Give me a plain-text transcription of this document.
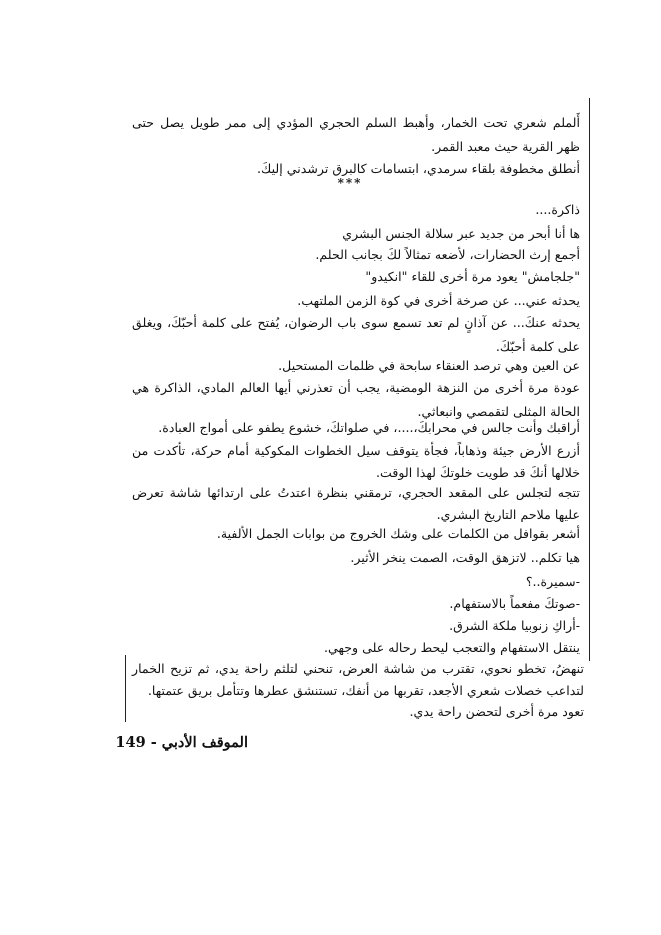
أَلملم شعري تحت الخمار، وأهبط السلم الحجري المؤدي إلى ممر طويل يصل حتى ظهر القرية حيث معبد القمر.

أنطلق مخطوفة بلقاء سرمدي، ابتسامات كالبرق ترشدني إليكَ.

***

ذاكرة....

ها أنا أبحر من جديد عبر سلالة الجنس البشري

أجمع إرث الحضارات، لأضعه تمثالاً لكَ بجانب الحلم.

"جلجامش" يعود مرة أخرى للقاء "انكيدو"

يحدثه عني... عن صرخة أخرى في كوة الزمن الملتهب.

يحدثه عنكَ... عن آذانٍ لم تعد تسمع سوى باب الرضوان، يُفتح على كلمة أحبّكَ، ويغلق على كلمة أحبّكَ.

عن العين وهي ترصد العنقاء سابحة في ظلمات المستحيل.

عودة مرة أخرى من النزهة الومضية، يجب أن تعذرني أيها العالم المادي، الذاكرة هي الحالة المثلى لتقمصي وانبعاثي.

أراقبك وأنت جالس في محرابكَ،....، في صلواتكَ، خشوع يطفو على أمواج العبادة.

أزرع الأرض جيئة وذهاباً، فجأة يتوقف سيل الخطوات المكوكية أمام حركة، تأكدت من خلالها أنكَ قد طويت خلوتكَ لهذا الوقت.

تتجه لتجلس على المقعد الحجري، ترمقني بنظرة اعتدتُ على ارتدائها شاشة تعرض عليها ملاحم التاريخ البشري.

أشعر بقوافل من الكلمات على وشك الخروج من بوابات الجمل الألفية.

هيا تكلم.. لاتزهق الوقت، الصمت ينخر الأثير.

-سميرة..؟

-صوتكَ مفعماً بالاستفهام.

-أراكِ زنوبيا ملكة الشرق.

ينتقل الاستفهام والتعجب ليحط رحاله على وجهي.

تنهضُ، تخطو نحوي، تقترب من شاشة العرض، تنحني لتلثم راحة يدي، ثم تزيح الخمار لتداعب خصلات شعري الأجعد، تقربها من أنفك، تستنشق عطرها وتتأمل بريق عتمتها.

تعود مرة أخرى لتحضن راحة يدي.

الموقف الأدبي - 149
